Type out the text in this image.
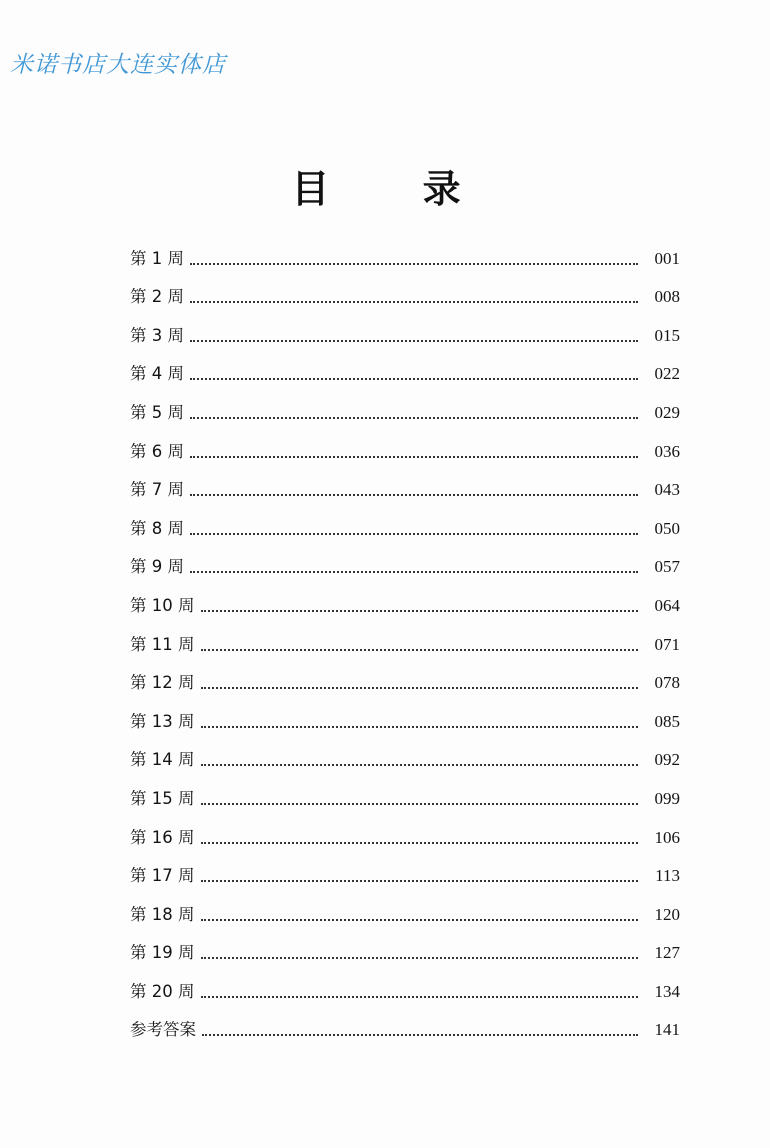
米诺书店大连实体店
目 录
第 1 周	001
第 2 周	008
第 3 周	015
第 4 周	022
第 5 周	029
第 6 周	036
第 7 周	043
第 8 周	050
第 9 周	057
第 10 周	064
第 11 周	071
第 12 周	078
第 13 周	085
第 14 周	092
第 15 周	099
第 16 周	106
第 17 周	113
第 18 周	120
第 19 周	127
第 20 周	134
参考答案	141
